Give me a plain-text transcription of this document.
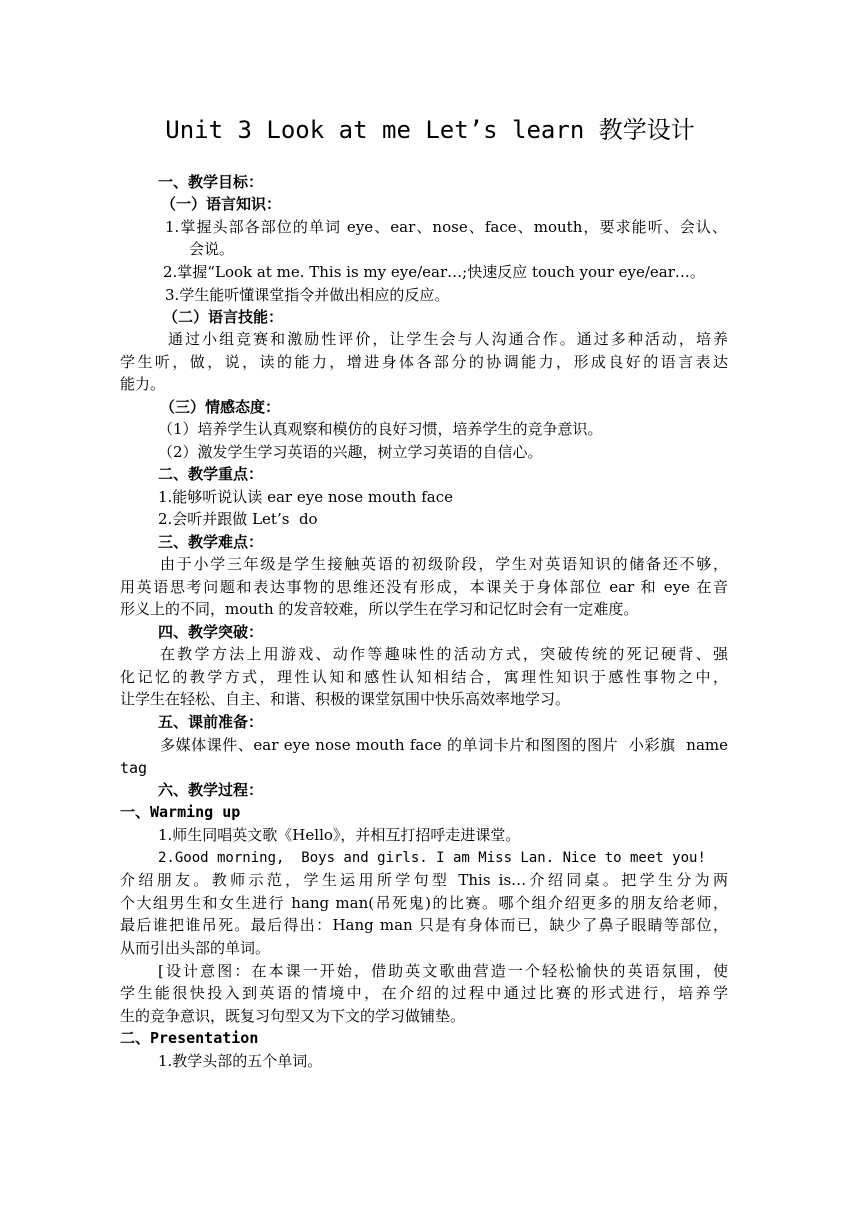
Unit 3 Look at me Let’s learn 教学设计
一、教学目标：
（一）语言知识：
1.掌握头部各部位的单词 eye、ear、nose、face、mouth，要求能听、会认、
会说。
2.掌握“Look at me. This is my eye/ear…;快速反应 touch your eye/ear…。
3.学生能听懂课堂指令并做出相应的反应。
（二）语言技能：
通过小组竞赛和激励性评价，让学生会与人沟通合作。通过多种活动，培养
学生听，做，说，读的能力，增进身体各部分的协调能力，形成良好的语言表达
能力。
（三）情感态度：
（1）培养学生认真观察和模仿的良好习惯，培养学生的竞争意识。
（2）激发学生学习英语的兴趣，树立学习英语的自信心。
二、教学重点：
1.能够听说认读 ear eye nose mouth face
2.会听并跟做 Let’s  do
三、教学难点：
由于小学三年级是学生接触英语的初级阶段，学生对英语知识的储备还不够，
用英语思考问题和表达事物的思维还没有形成，本课关于身体部位 ear 和 eye 在音
形义上的不同，mouth 的发音较难，所以学生在学习和记忆时会有一定难度。
四、教学突破：
在教学方法上用游戏、动作等趣味性的活动方式，突破传统的死记硬背、强
化记忆的教学方式，理性认知和感性认知相结合，寓理性知识于感性事物之中，
让学生在轻松、自主、和谐、积极的课堂氛围中快乐高效率地学习。
五、课前准备：
多媒体课件、ear eye nose mouth face 的单词卡片和图图的图片  小彩旗  name
tag
六、教学过程：
一、Warming up
1.师生同唱英文歌《Hello》，并相互打招呼走进课堂。
2.Good morning,  Boys and girls. I am Miss Lan. Nice to meet you!
介绍朋友。教师示范，学生运用所学句型 This is…介绍同桌。把学生分为两
个大组男生和女生进行 hang man(吊死鬼)的比赛。哪个组介绍更多的朋友给老师，
最后谁把谁吊死。最后得出：Hang man 只是有身体而已，缺少了鼻子眼睛等部位，
从而引出头部的单词。
[设计意图：在本课一开始，借助英文歌曲营造一个轻松愉快的英语氛围，使
学生能很快投入到英语的情境中，在介绍的过程中通过比赛的形式进行，培养学
生的竞争意识，既复习句型又为下文的学习做铺垫。
二、Presentation
1.教学头部的五个单词。
